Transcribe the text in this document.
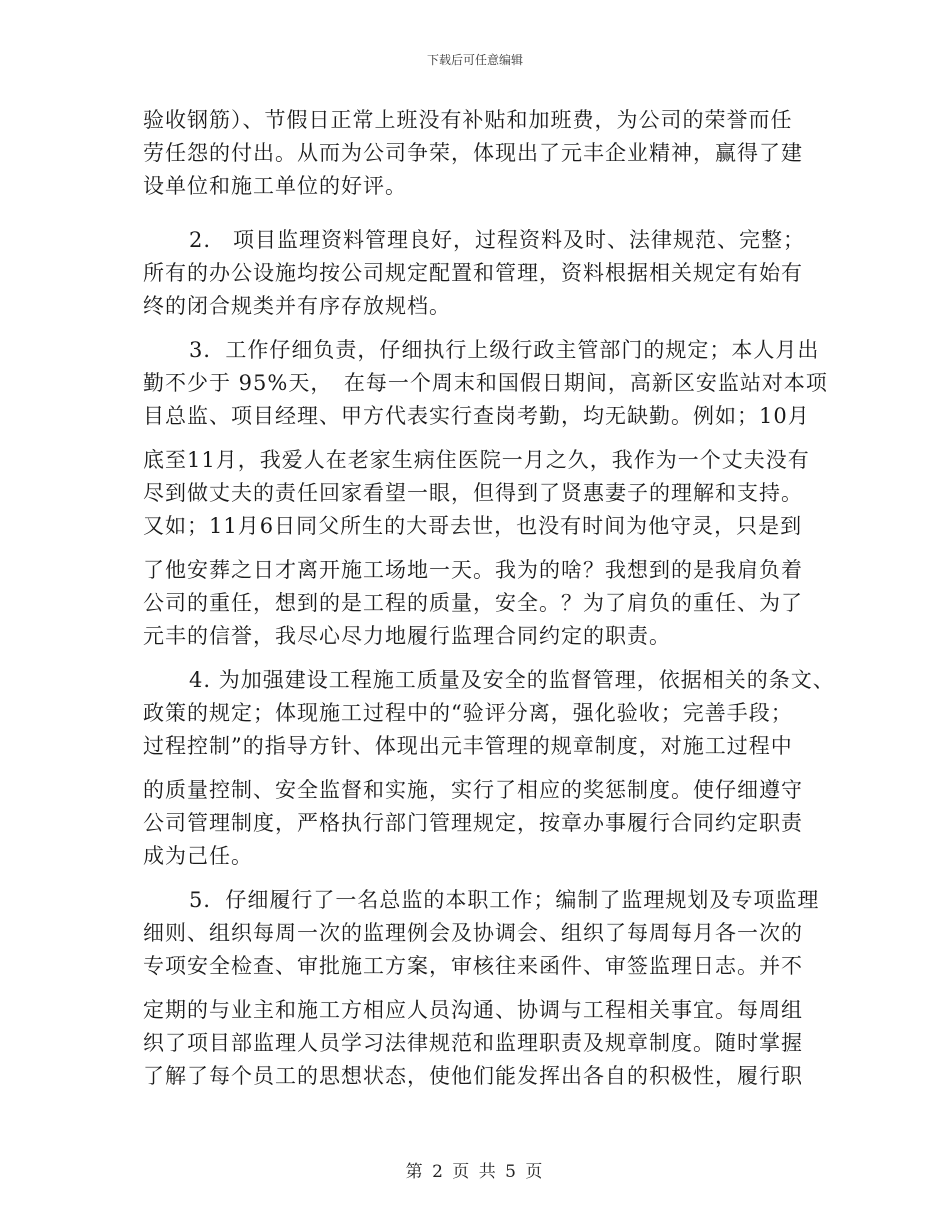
下载后可任意编辑
验收钢筋）、节假日正常上班没有补贴和加班费，为公司的荣誉而任
劳任怨的付出。从而为公司争荣，体现出了元丰企业精神，赢得了建
设单位和施工单位的好评。
2.　项目监理资料管理良好，过程资料及时、法律规范、完整；
所有的办公设施均按公司规定配置和管理，资料根据相关规定有始有
终的闭合规类并有序存放规档。
3．工作仔细负责，仔细执行上级行政主管部门的规定；本人月出
勤不少于 95%天，　在每一个周末和国假日期间，高新区安监站对本项
目总监、项目经理、甲方代表实行查岗考勤，均无缺勤。例如；10月
底至11月，我爱人在老家生病住医院一月之久，我作为一个丈夫没有
尽到做丈夫的责任回家看望一眼，但得到了贤惠妻子的理解和支持。
又如；11月6日同父所生的大哥去世，也没有时间为他守灵，只是到
了他安葬之日才离开施工场地一天。我为的啥？我想到的是我肩负着
公司的重任，想到的是工程的质量，安全。？为了肩负的重任、为了
元丰的信誉，我尽心尽力地履行监理合同约定的职责。
4. 为加强建设工程施工质量及安全的监督管理，依据相关的条文、
政策的规定；体现施工过程中的“验评分离，强化验收；完善手段；
过程控制”的指导方针、体现出元丰管理的规章制度，对施工过程中
的质量控制、安全监督和实施，实行了相应的奖惩制度。使仔细遵守
公司管理制度，严格执行部门管理规定，按章办事履行合同约定职责
成为己任。
5．仔细履行了一名总监的本职工作；编制了监理规划及专项监理
细则、组织每周一次的监理例会及协调会、组织了每周每月各一次的
专项安全检查、审批施工方案，审核往来函件、审签监理日志。并不
定期的与业主和施工方相应人员沟通、协调与工程相关事宜。每周组
织了项目部监理人员学习法律规范和监理职责及规章制度。随时掌握
了解了每个员工的思想状态，使他们能发挥出各自的积极性，履行职
第 2 页 共 5 页
